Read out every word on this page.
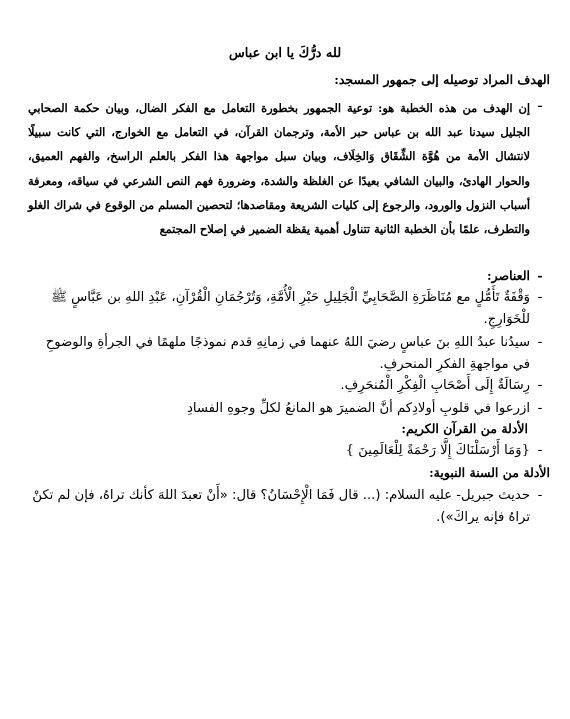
لله درُّكَ يا ابن عباس
الهدف المراد توصيله إلى جمهور المسجد:
-
إن الهدف من هذه الخطبة هو: توعية الجمهور بخطورة التعامل مع الفكر الضال، وبيان حكمة الصحابي الجليل سيدنا عبد الله بن عباس حبر الأمة، وترجمان القرآن، في التعامل مع الخوارج، التي كانت سبيلًا لانتشال الأمة من هُوَّة الشِّقَاق وَالخِلَاف، وبيان سبل مواجهة هذا الفكر بالعلم الراسخ، والفهم العميق، والحوار الهادئ، والبيان الشافي بعيدًا عن الغلظة والشدة، وضرورة فهم النص الشرعي في سياقه، ومعرفة أسباب النزول والورود، والرجوع إلى كليات الشريعة ومقاصدها؛ لتحصين المسلم من الوقوع في شراك الغلو والتطرف، علمًا بأن الخطبة الثانية تتناول أهمية يقظة الضمير في إصلاح المجتمع
-
العناصر:
-
وَقْفَةٌ تَأَمُّلٍ مع مُنَاظَرَةِ الصَّحَابِيِّ الْجَلِيلِ حَبْرِ الْأُمَّةِ، وَتُرْجُمَانِ الْقُرْآنِ، عَبْدِ اللهِ بن عَبَّاسٍ ﷺ للْخَوَارِجِ.
-
سيدُنا عبدُ اللهِ بنَ عباسٍ رضيَ اللهُ عنهما في زمانِهِ قدم نموذجًا ملهمًا في الجرأةِ والوضوحِ في مواجهةِ الفكرِ المنحرفِ.
-
رِسَالَةٌ إِلَى أَصْحَابِ الْفِكْرِ الْمُنحَرِفِ.
-
ازرعوا في قلوبِ أولادِكم أنَّ الضميرَ هو المانعُ لكلِّ وجوهِ الفسادِ
الأدلة من القرآن الكريم:
-
{وَمَا أَرْسَلْنَاكَ إِلَّا رَحْمَةً لِلْعَالَمِينَ }
الأدلة من السنة النبوية:
-
حديث جبريل- عليه السلام: (... قال فَمَا الْإِحْسَانُ؟ قال: «أَنْ تعبدَ اللهَ كأنك تراهُ، فإن لم تكنْ تراهُ فإنه يراكَ»).
